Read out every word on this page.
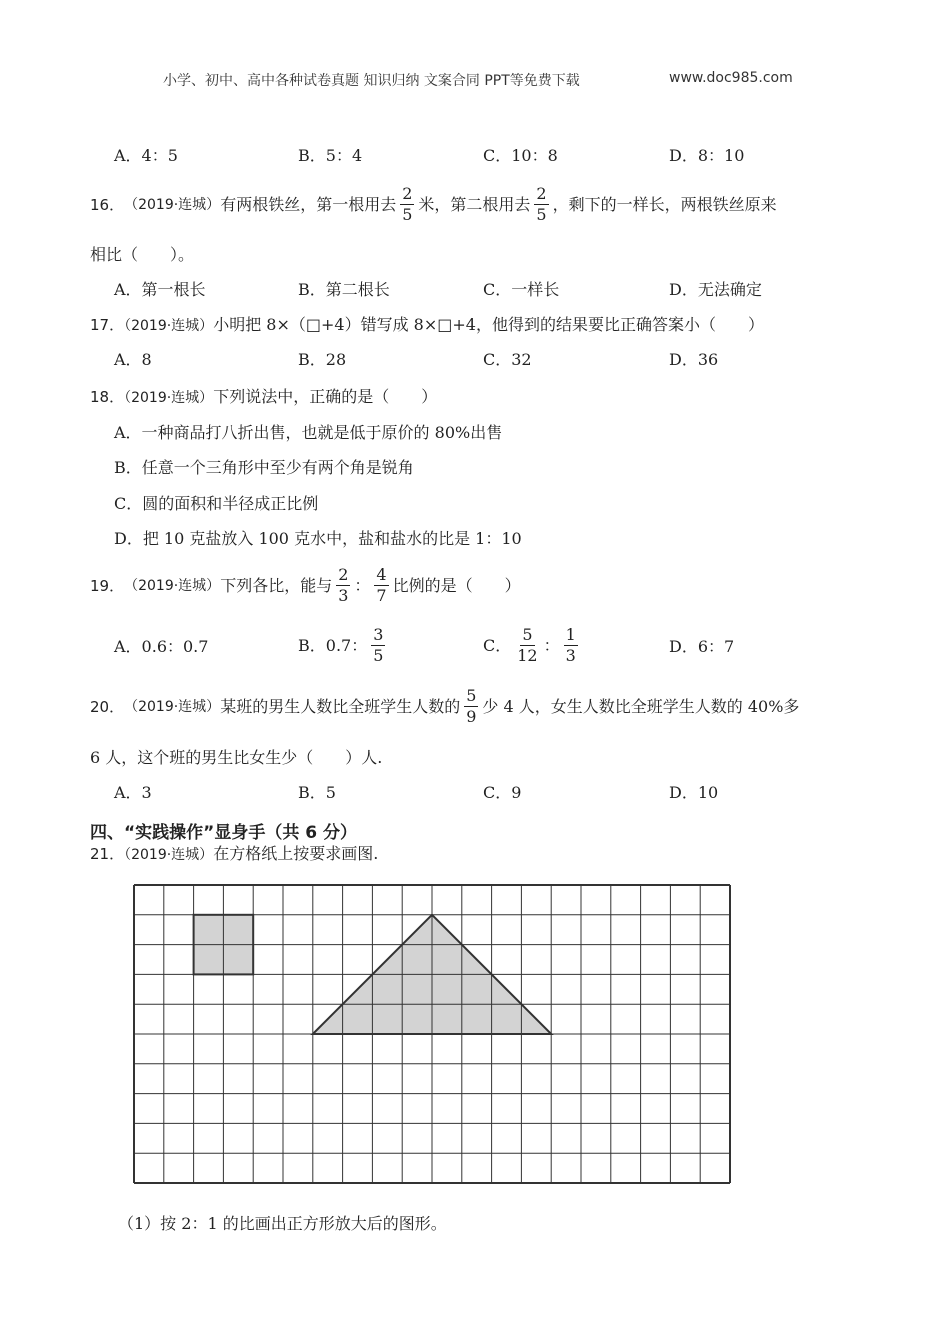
小学、初中、高中各种试卷真题 知识归纳 文案合同 PPT等免费下载	www.doc985.com
A．4：5	B．5：4	C．10：8	D．8：10
16． （2019·连城） 有两根铁丝，第一根用去 $\frac{2}{5}$ 米，第二根用去 $\frac{2}{5}$ ，剩下的一样长，两根铁丝原来
相比（　　）。
A．第一根长	B．第二根长	C．一样长	D．无法确定
17．（2019·连城）小明把 8×（□+4）错写成 8×□+4，他得到的结果要比正确答案小（　　）
A．8	B．28	C．32	D．36
18．（2019·连城）下列说法中，正确的是（　　）
A．一种商品打八折出售，也就是低于原价的 80%出售
B．任意一个三角形中至少有两个角是锐角
C．圆的面积和半径成正比例
D．把 10 克盐放入 100 克水中，盐和盐水的比是 1：10
19． （2019·连城） 下列各比，能与 $\frac{2}{3}$ ： $\frac{4}{7}$ 比例的是（　　）
A．0.6：0.7	B．0.7： $\frac{3}{5}$	C． $\frac{5}{12}$ ： $\frac{1}{3}$	D．6：7
20． （2019·连城） 某班的男生人数比全班学生人数的 $\frac{5}{9}$ 少 4 人，女生人数比全班学生人数的 40%多
6 人，这个班的男生比女生少（　　）人.
A．3	B．5	C．9	D．10
四、“实践操作”显身手（共 6 分）
21．（2019·连城）在方格纸上按要求画图.
（1）按 2：1 的比画出正方形放大后的图形。
